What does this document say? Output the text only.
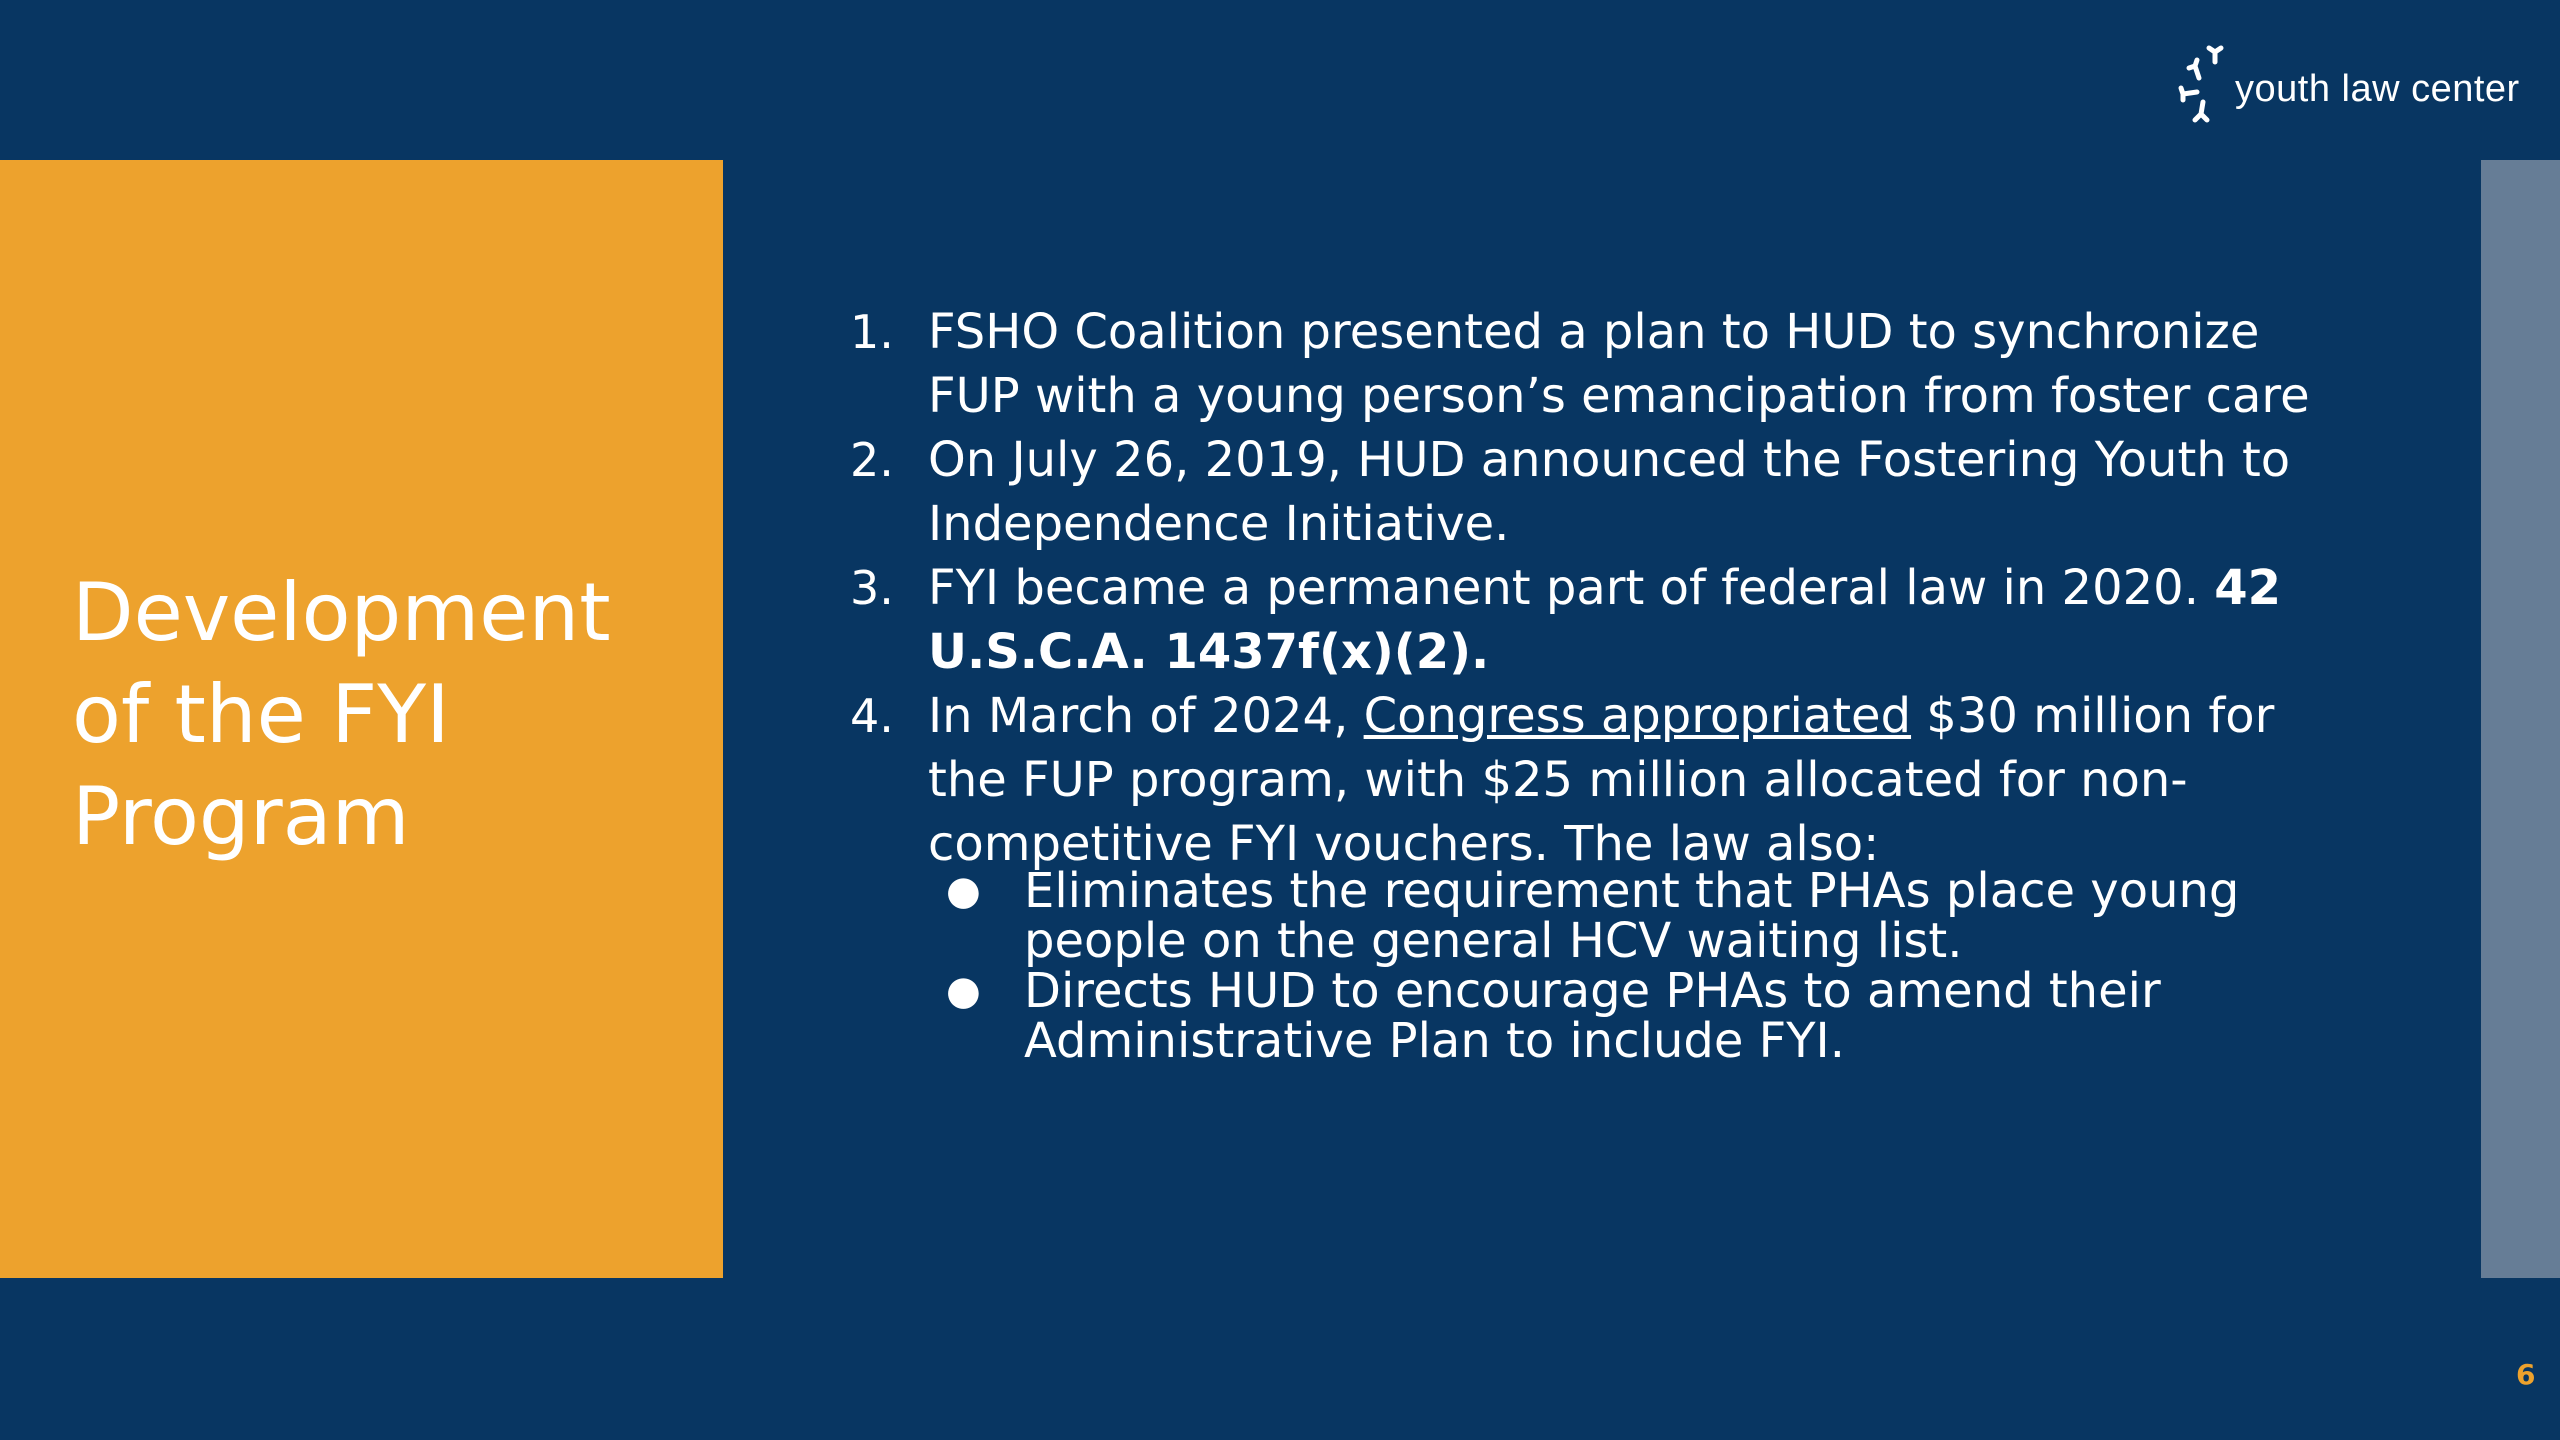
Development of the FYI Program
youth law center
1. FSHO Coalition presented a plan to HUD to synchronize FUP with a young person’s emancipation from foster care
2. On July 26, 2019, HUD announced the Fostering Youth to Independence Initiative.
3. FYI became a permanent part of federal law in 2020. 42 U.S.C.A. 1437f(x)(2).
4. In March of 2024, Congress appropriated $30 million for the FUP program, with $25 million allocated for non-competitive FYI vouchers. The law also:
● Eliminates the requirement that PHAs place young people on the general HCV waiting list.
● Directs HUD to encourage PHAs to amend their Administrative Plan to include FYI.
6
